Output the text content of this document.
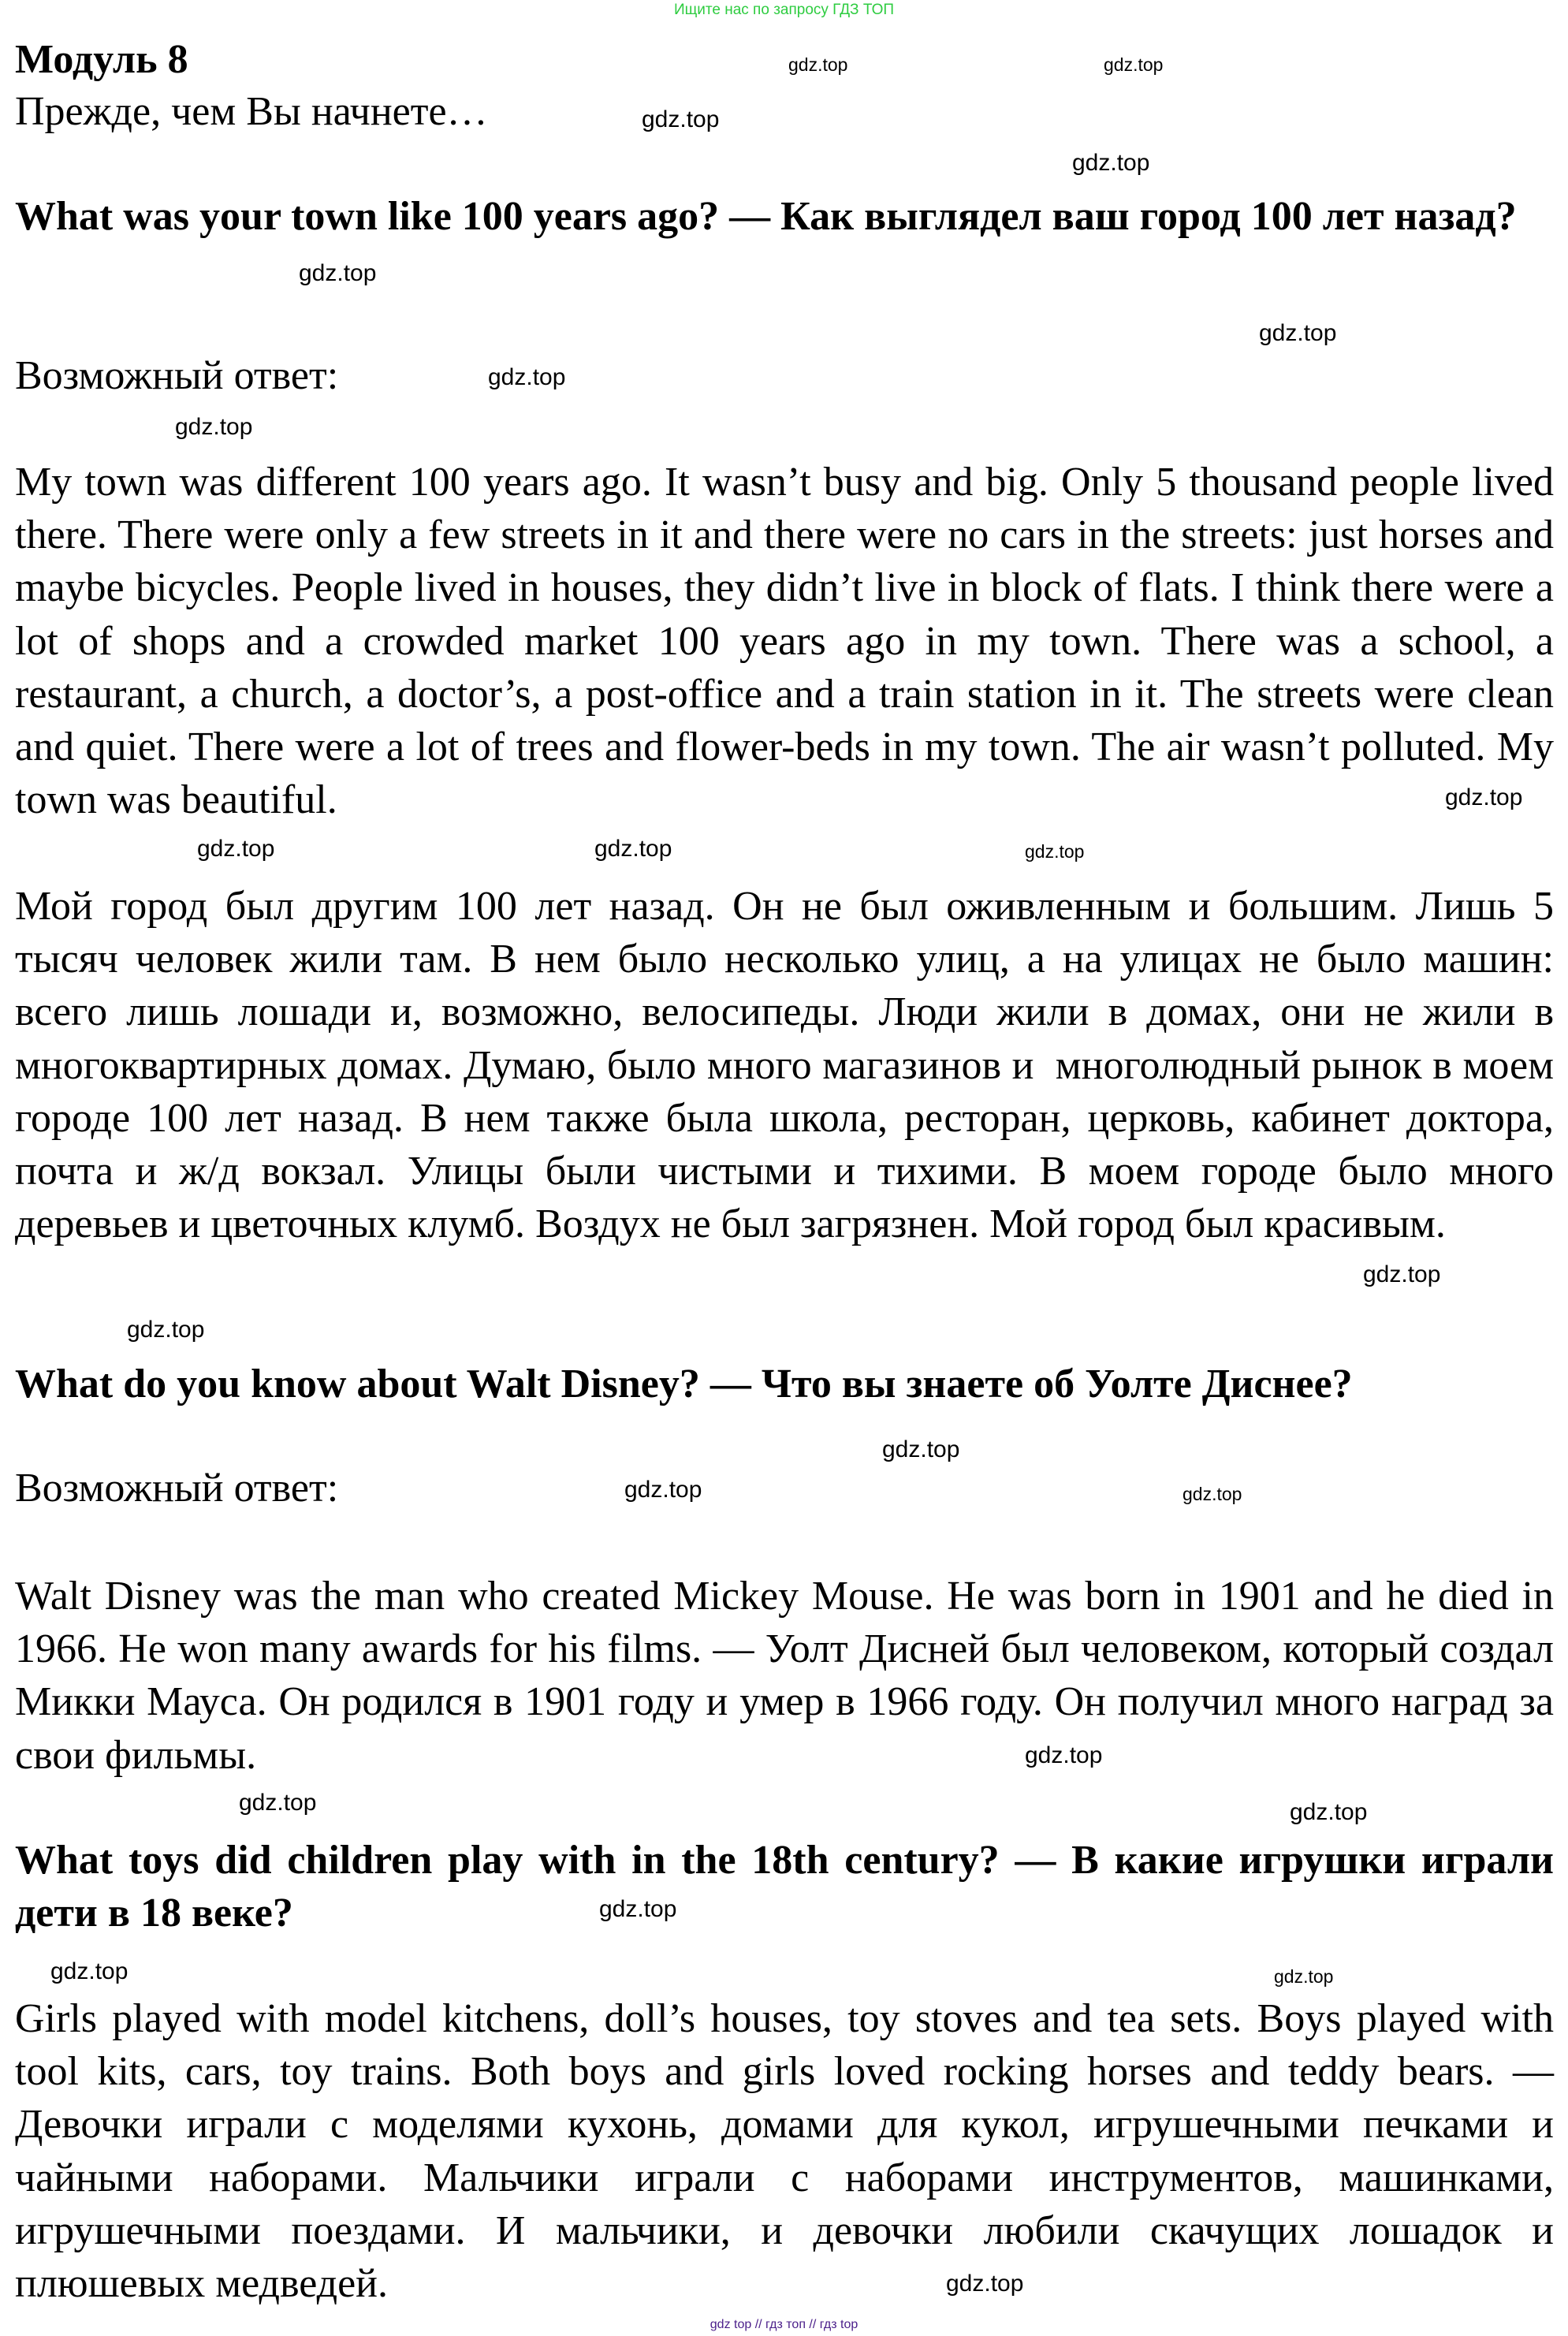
Ищите нас по запросу ГДЗ ТОП
Модуль 8

Прежде, чем Вы начнете…

What was your town like 100 years ago? — Как выглядел ваш город 100 лет назад?

Возможный ответ:

My town was different 100 years ago. It wasn’t busy and big. Only 5 thousand people lived there. There were only a few streets in it and there were no cars in the streets: just horses and maybe bicycles. People lived in houses, they didn’t live in block of flats. I think there were a lot of shops and a crowded market 100 years ago in my town. There was a school, a restaurant, a church, a doctor’s, a post-office and a train station in it. The streets were clean and quiet. There were a lot of trees and flower-beds in my town. The air wasn’t polluted. My town was beautiful.

Мой город был другим 100 лет назад. Он не был оживленным и большим. Лишь 5 тысяч человек жили там. В нем было несколько улиц, а на улицах не было машин: всего лишь лошади и, возможно, велосипеды. Люди жили в домах, они не жили в многоквартирных домах. Думаю, было много магазинов и  многолюдный рынок в моем городе 100 лет назад. В нем также была школа, ресторан, церковь, кабинет доктора, почта и ж/д вокзал. Улицы были чистыми и тихими. В моем городе было много деревьев и цветочных клумб. Воздух не был загрязнен. Мой город был красивым.

What do you know about Walt Disney? — Что вы знаете об Уолте Диснее?

Возможный ответ:

Walt Disney was the man who created Mickey Mouse. He was born in 1901 and he died in 1966. He won many awards for his films. — Уолт Дисней был человеком, который создал Микки Мауса. Он родился в 1901 году и умер в 1966 году. Он получил много наград за свои фильмы.

What toys did children play with in the 18th century? — В какие игрушки играли дети в 18 веке?

Girls played with model kitchens, doll’s houses, toy stoves and tea sets. Boys played with tool kits, cars, toy trains. Both boys and girls loved rocking horses and teddy bears. — Девочки играли с моделями кухонь, домами для кукол, игрушечными печками и чайными наборами. Мальчики играли с наборами инструментов, машинками, игрушечными поездами. И мальчики, и девочки любили скачущих лошадок и плюшевых медведей.

gdz.top
gdz.top
gdz.top
gdz.top
gdz.top
gdz.top
gdz.top	gdz.top
gdz.top
gdz.top	gdz.top	gdz.top
gdz.top
gdz.top
gdz.top
gdz.top
gdz.top
gdz.top	gdz.top
gdz.top
gdz.top	gdz.top
gdz.top
gdz.top
gdz top // гдз топ // гдз top
